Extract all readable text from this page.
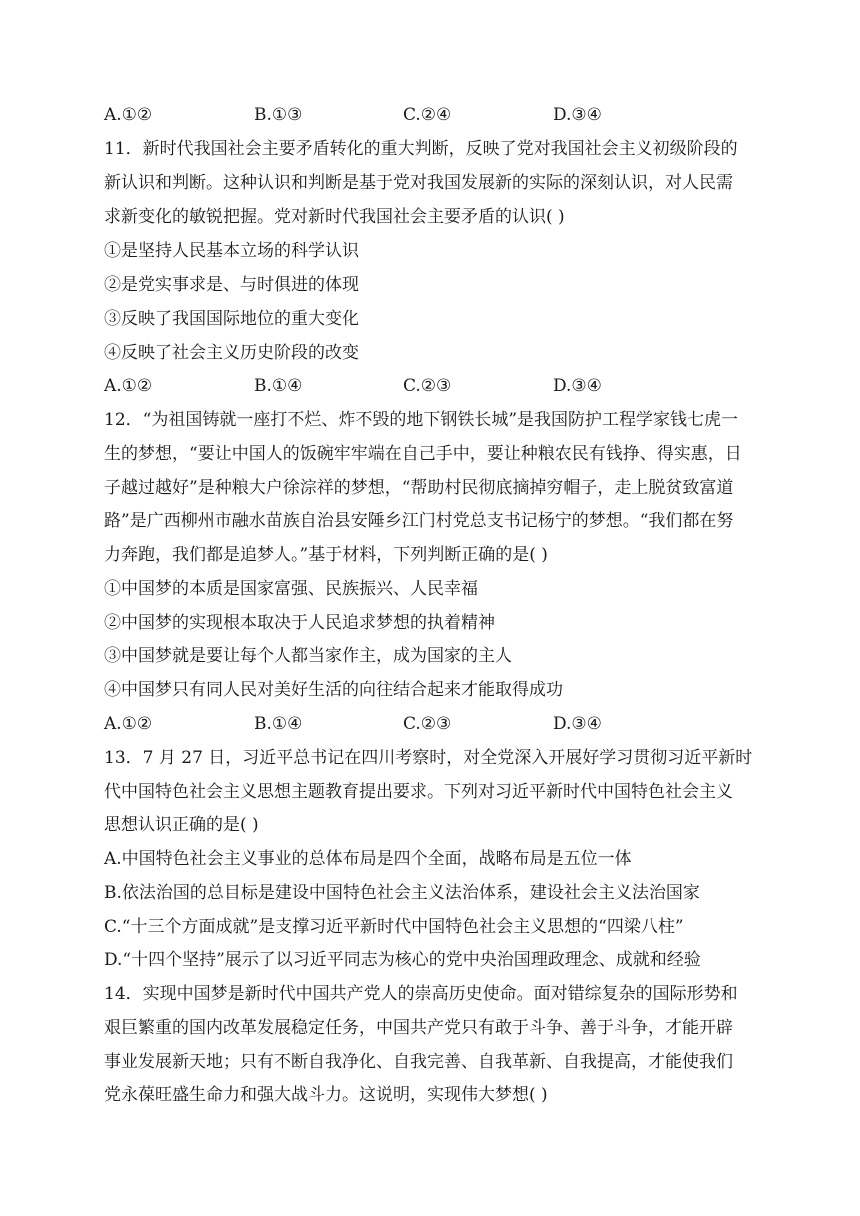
A.①②	B.①③	C.②④	D.③④
11．新时代我国社会主要矛盾转化的重大判断，反映了党对我国社会主义初级阶段的
新认识和判断。这种认识和判断是基于党对我国发展新的实际的深刻认识，对人民需
求新变化的敏锐把握。党对新时代我国社会主要矛盾的认识( )
①是坚持人民基本立场的科学认识
②是党实事求是、与时俱进的体现
③反映了我国国际地位的重大变化
④反映了社会主义历史阶段的改变
A.①②	B.①④	C.②③	D.③④
12．“为祖国铸就一座打不烂、炸不毁的地下钢铁长城”是我国防护工程学家钱七虎一
生的梦想，“要让中国人的饭碗牢牢端在自己手中，要让种粮农民有钱挣、得实惠，日
子越过越好”是种粮大户徐淙祥的梦想，“帮助村民彻底摘掉穷帽子，走上脱贫致富道
路”是广西柳州市融水苗族自治县安陲乡江门村党总支书记杨宁的梦想。“我们都在努
力奔跑，我们都是追梦人。”基于材料，下列判断正确的是( )
①中国梦的本质是国家富强、民族振兴、人民幸福
②中国梦的实现根本取决于人民追求梦想的执着精神
③中国梦就是要让每个人都当家作主，成为国家的主人
④中国梦只有同人民对美好生活的向往结合起来才能取得成功
A.①②	B.①④	C.②③	D.③④
13．7 月 27 日，习近平总书记在四川考察时，对全党深入开展好学习贯彻习近平新时
代中国特色社会主义思想主题教育提出要求。下列对习近平新时代中国特色社会主义
思想认识正确的是( )
A.中国特色社会主义事业的总体布局是四个全面，战略布局是五位一体
B.依法治国的总目标是建设中国特色社会主义法治体系，建设社会主义法治国家
C.“十三个方面成就”是支撑习近平新时代中国特色社会主义思想的“四梁八柱”
D.“十四个坚持”展示了以习近平同志为核心的党中央治国理政理念、成就和经验
14．实现中国梦是新时代中国共产党人的崇高历史使命。面对错综复杂的国际形势和
艰巨繁重的国内改革发展稳定任务，中国共产党只有敢于斗争、善于斗争，才能开辟
事业发展新天地；只有不断自我净化、自我完善、自我革新、自我提高，才能使我们
党永葆旺盛生命力和强大战斗力。这说明，实现伟大梦想( )
